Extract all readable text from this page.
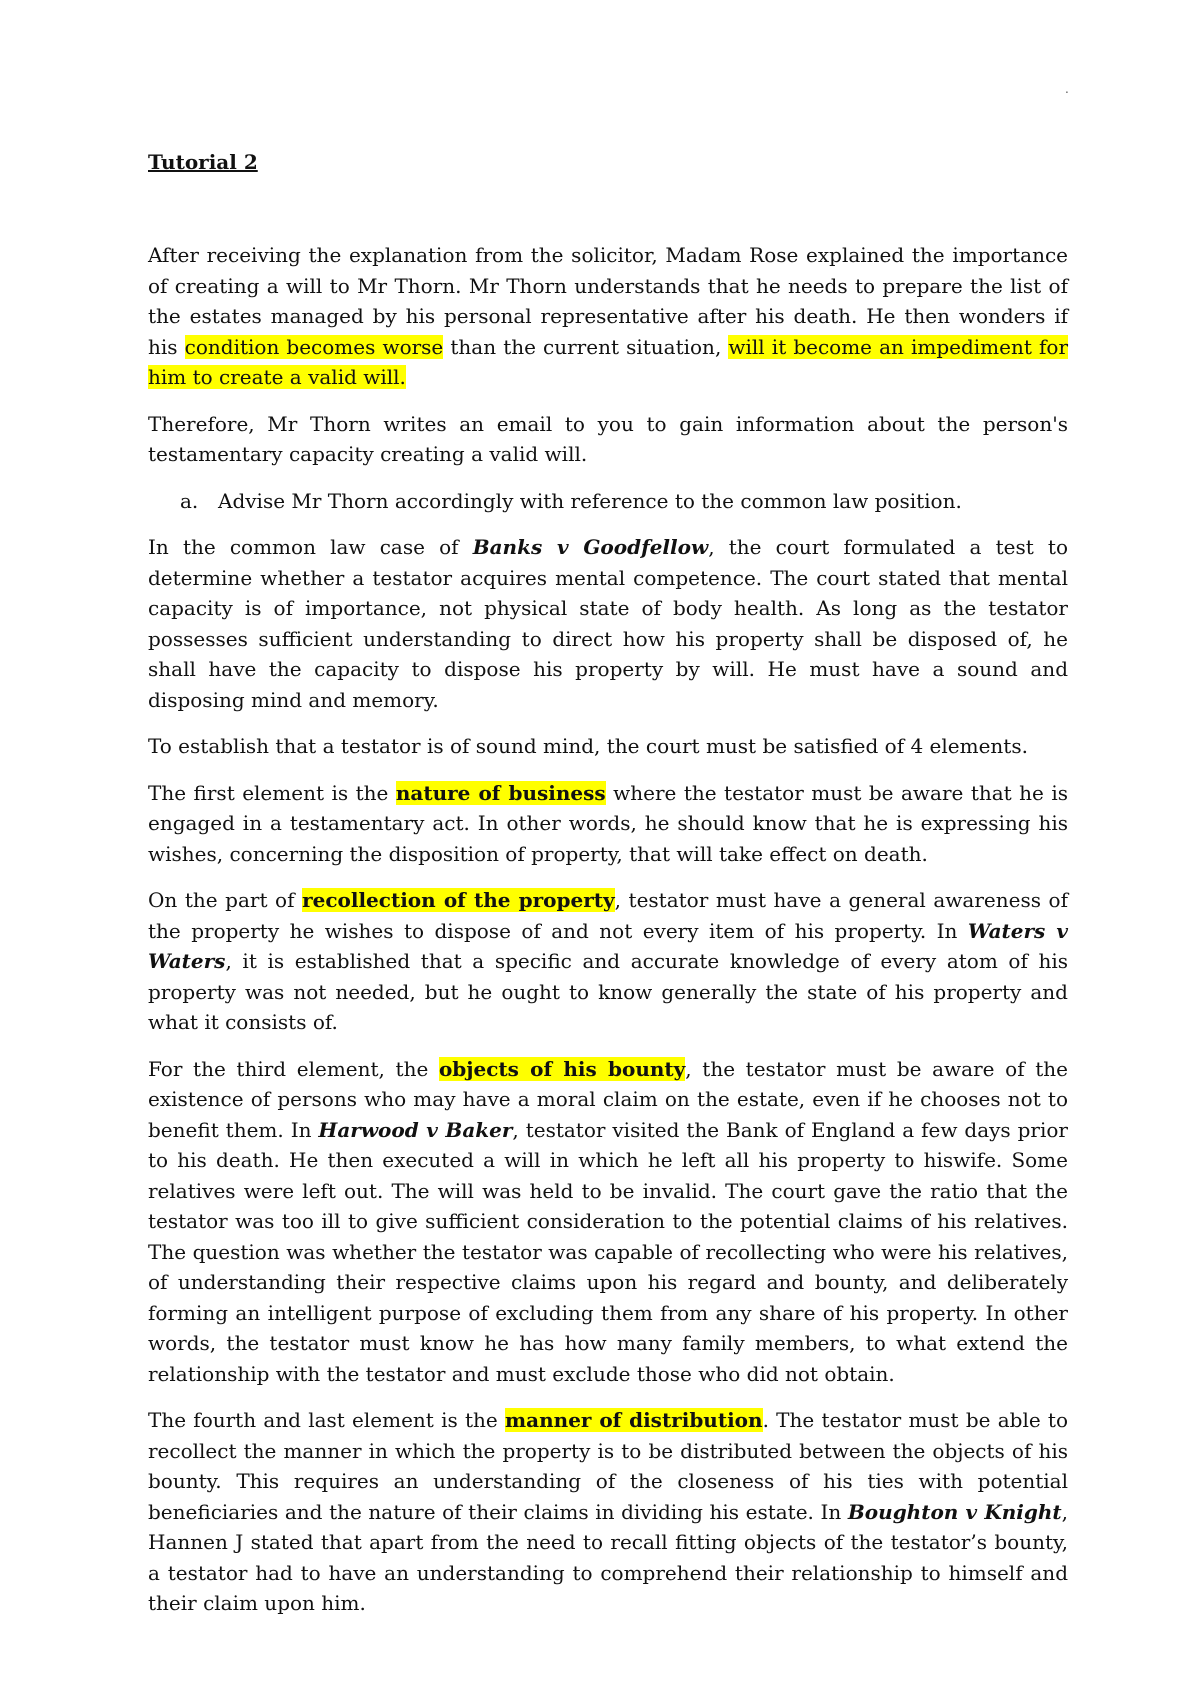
.
Tutorial 2

After receiving the explanation from the solicitor, Madam Rose explained the importance of creating a will to Mr Thorn. Mr Thorn understands that he needs to prepare the list of the estates managed by his personal representative after his death. He then wonders if his condition becomes worse than the current situation, will it become an impediment for him to create a valid will.

Therefore, Mr Thorn writes an email to you to gain information about the person's testamentary capacity creating a valid will.

a. Advise Mr Thorn accordingly with reference to the common law position.

In the common law case of Banks v Goodfellow, the court formulated a test to determine whether a testator acquires mental competence. The court stated that mental capacity is of importance, not physical state of body health. As long as the testator possesses sufficient understanding to direct how his property shall be disposed of, he shall have the capacity to dispose his property by will. He must have a sound and disposing mind and memory.

To establish that a testator is of sound mind, the court must be satisfied of 4 elements.

The first element is the nature of business where the testator must be aware that he is engaged in a testamentary act. In other words, he should know that he is expressing his wishes, concerning the disposition of property, that will take effect on death.

On the part of recollection of the property, testator must have a general awareness of the property he wishes to dispose of and not every item of his property. In Waters v Waters, it is established that a specific and accurate knowledge of every atom of his property was not needed, but he ought to know generally the state of his property and what it consists of.

For the third element, the objects of his bounty, the testator must be aware of the existence of persons who may have a moral claim on the estate, even if he chooses not to benefit them. In Harwood v Baker, testator visited the Bank of England a few days prior to his death. He then executed a will in which he left all his property to hiswife. Some relatives were left out. The will was held to be invalid. The court gave the ratio that the testator was too ill to give sufficient consideration to the potential claims of his relatives. The question was whether the testator was capable of recollecting who were his relatives, of understanding their respective claims upon his regard and bounty, and deliberately forming an intelligent purpose of excluding them from any share of his property. In other words, the testator must know he has how many family members, to what extend the relationship with the testator and must exclude those who did not obtain.

The fourth and last element is the manner of distribution. The testator must be able to recollect the manner in which the property is to be distributed between the objects of his bounty. This requires an understanding of the closeness of his ties with potential beneficiaries and the nature of their claims in dividing his estate. In Boughton v Knight, Hannen J stated that apart from the need to recall fitting objects of the testator’s bounty, a testator had to have an understanding to comprehend their relationship to himself and their claim upon him.
